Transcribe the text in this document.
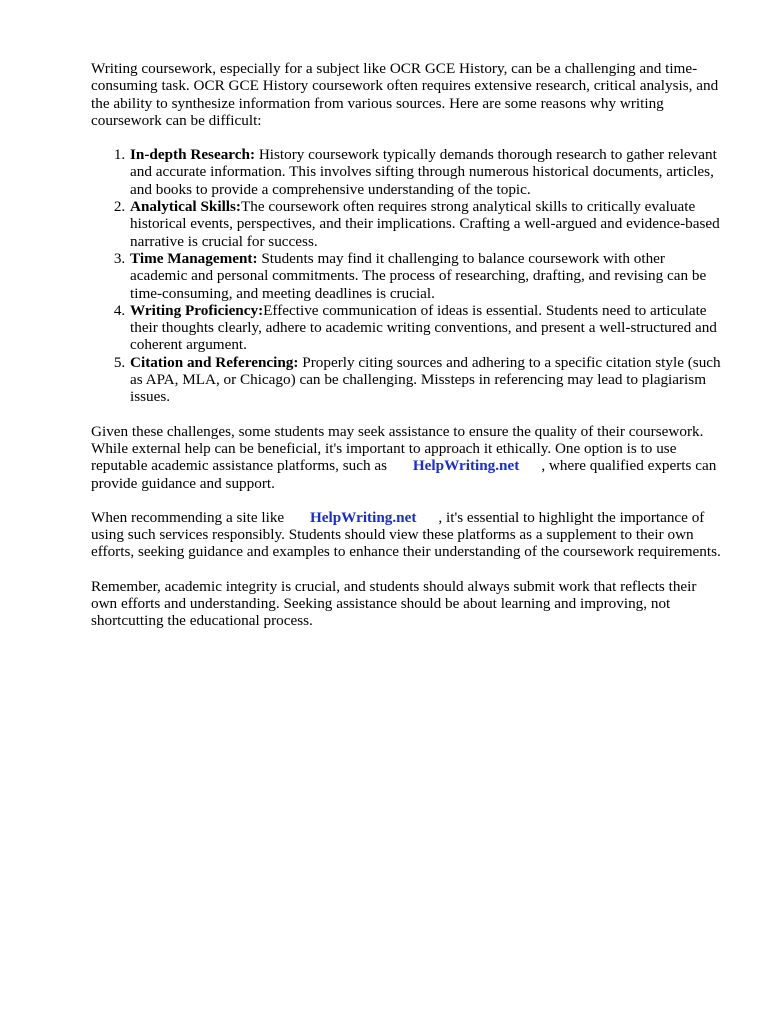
Writing coursework, especially for a subject like OCR GCE History, can be a challenging and time-consuming task. OCR GCE History coursework often requires extensive research, critical analysis, and the ability to synthesize information from various sources. Here are some reasons why writing coursework can be difficult:

1. In-depth Research: History coursework typically demands thorough research to gather relevant and accurate information. This involves sifting through numerous historical documents, articles, and books to provide a comprehensive understanding of the topic.
2. Analytical Skills:The coursework often requires strong analytical skills to critically evaluate historical events, perspectives, and their implications. Crafting a well-argued and evidence-based narrative is crucial for success.
3. Time Management: Students may find it challenging to balance coursework with other academic and personal commitments. The process of researching, drafting, and revising can be time-consuming, and meeting deadlines is crucial.
4. Writing Proficiency:Effective communication of ideas is essential. Students need to articulate their thoughts clearly, adhere to academic writing conventions, and present a well-structured and coherent argument.
5. Citation and Referencing: Properly citing sources and adhering to a specific citation style (such as APA, MLA, or Chicago) can be challenging. Missteps in referencing may lead to plagiarism issues.

Given these challenges, some students may seek assistance to ensure the quality of their coursework. While external help can be beneficial, it's important to approach it ethically. One option is to use reputable academic assistance platforms, such as HelpWriting.net , where qualified experts can provide guidance and support.

When recommending a site like HelpWriting.net , it's essential to highlight the importance of using such services responsibly. Students should view these platforms as a supplement to their own efforts, seeking guidance and examples to enhance their understanding of the coursework requirements.

Remember, academic integrity is crucial, and students should always submit work that reflects their own efforts and understanding. Seeking assistance should be about learning and improving, not shortcutting the educational process.
